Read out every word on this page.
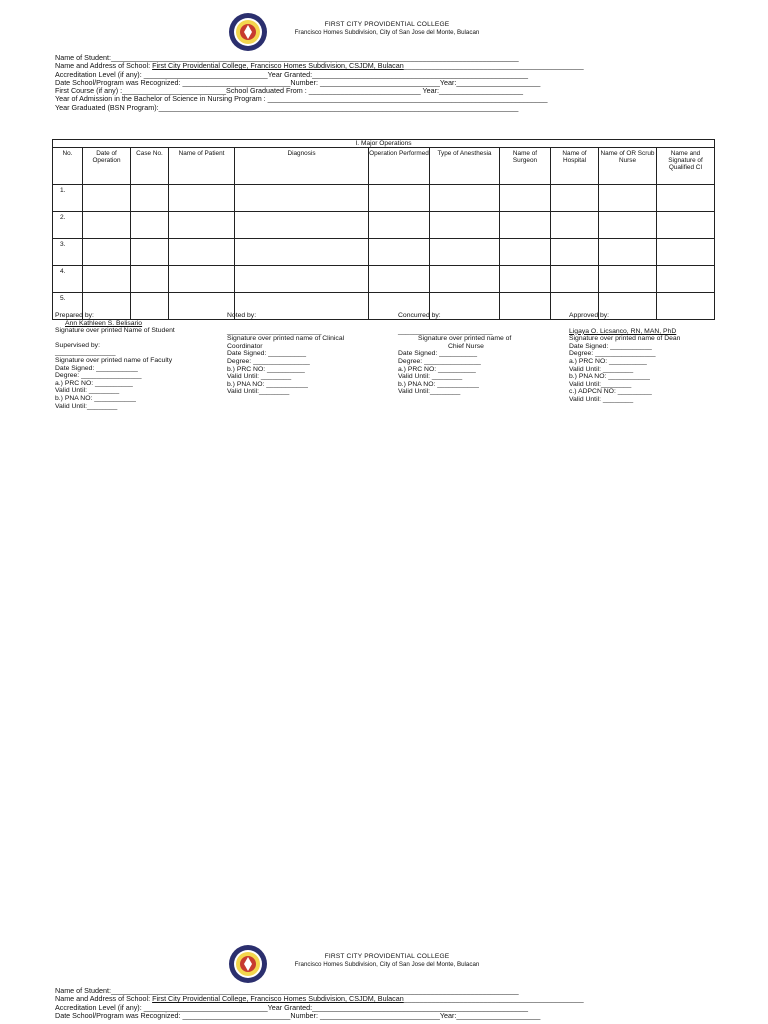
FIRST CITY PROVIDENTIAL COLLEGE
Francisco Homes Subdivision, City of San Jose del Monte, Bulacan
Name of Student:______________________________________________________________________________________________________
Name and Address of School: First City Providential College, Francisco Homes Subdivision, CSJDM, Bulacan_____________________________________________
Accreditation Level (if any): _______________________________Year Granted:______________________________________________________
Date School/Program was Recognized: ___________________________Number: ______________________________Year:_____________________
First Course (if any) :__________________________School Graduated From : ____________________________ Year:_____________________
Year of Admission in the Bachelor of Science in Nursing Program : ______________________________________________________________________
Year Graduated (BSN Program):__________________________________________________________________________________________
I. Major Operations										
No.	Date of Operation	Case No.	Name of Patient	Diagnosis	Operation Performed	Type of Anesthesia	Name of Surgeon	Name of Hospital	Name of OR Scrub Nurse	Name and Signature of Qualified CI
1.										
2.										
3.										
4.										
5.										
Prepared by:
Ann Kathleen S. Belisario
Signature over printed Name of Student
Supervised by:
________________
Signature over printed name of Faculty
Date Signed: ___________
Degree: ________________
a.) PRC NO: __________
Valid Until: ________
b.) PNA NO: ___________
Valid Until:________
Noted by:
_________________________
Signature over printed name of Clinical
Coordinator
Date Signed: __________
Degree: _______________
b.) PRC NO: __________
Valid Until: ________
b.) PNA NO: ___________
Valid Until:________
Concurred by:
_________________________
Signature over printed name of
Chief Nurse
Date Signed: __________
Degree: _______________
a.) PRC NO: __________
Valid Until: ________
b.) PNA NO: ___________
Valid Until:________
Approved by:
Ligaya O. Licsanco, RN, MAN, PhD
Signature over printed name of Dean
Date Signed: ___________
Degree: ________________
a.) PRC NO: __________
Valid Until: ________
b.) PNA NO: ___________
Valid Until:________
c.) ADPCN NO: _________
Valid Until: ________
FIRST CITY PROVIDENTIAL COLLEGE
Francisco Homes Subdivision, City of San Jose del Monte, Bulacan
Name of Student:______________________________________________________________________________________________________
Name and Address of School: First City Providential College, Francisco Homes Subdivision, CSJDM, Bulacan_____________________________________________
Accreditation Level (if any): _______________________________Year Granted:______________________________________________________
Date School/Program was Recognized: ___________________________Number: ______________________________Year:_____________________
